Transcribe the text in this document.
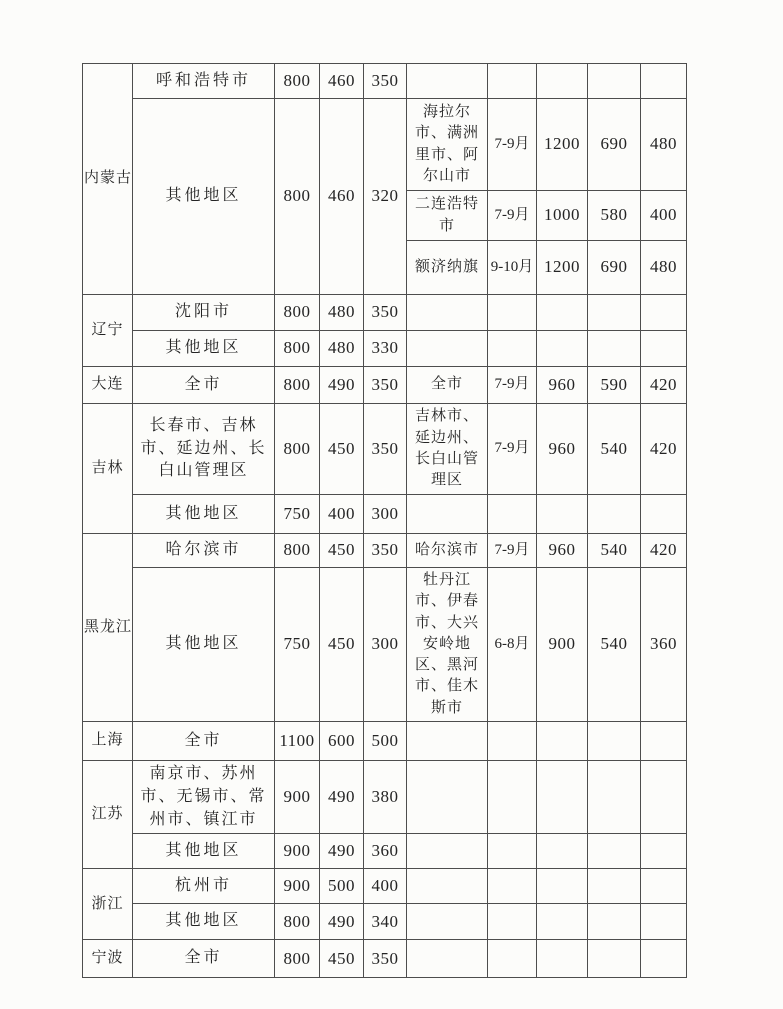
内蒙古	呼和浩特市	800	460	350					
	其他地区	800	460	320	海拉尔市、满洲里市、阿尔山市	7-9月	1200	690	480
					二连浩特市	7-9月	1000	580	400
					额济纳旗	9-10月	1200	690	480
辽宁	沈阳市	800	480	350					
	其他地区	800	480	330					
大连	全市	800	490	350	全市	7-9月	960	590	420
吉林	长春市、吉林市、延边州、长白山管理区	800	450	350	吉林市、延边州、长白山管理区	7-9月	960	540	420
	其他地区	750	400	300					
黑龙江	哈尔滨市	800	450	350	哈尔滨市	7-9月	960	540	420
	其他地区	750	450	300	牡丹江市、伊春市、大兴安岭地区、黑河市、佳木斯市	6-8月	900	540	360
上海	全市	1100	600	500					
江苏	南京市、苏州市、无锡市、常州市、镇江市	900	490	380					
	其他地区	900	490	360					
浙江	杭州市	900	500	400					
	其他地区	800	490	340					
宁波	全市	800	450	350					
